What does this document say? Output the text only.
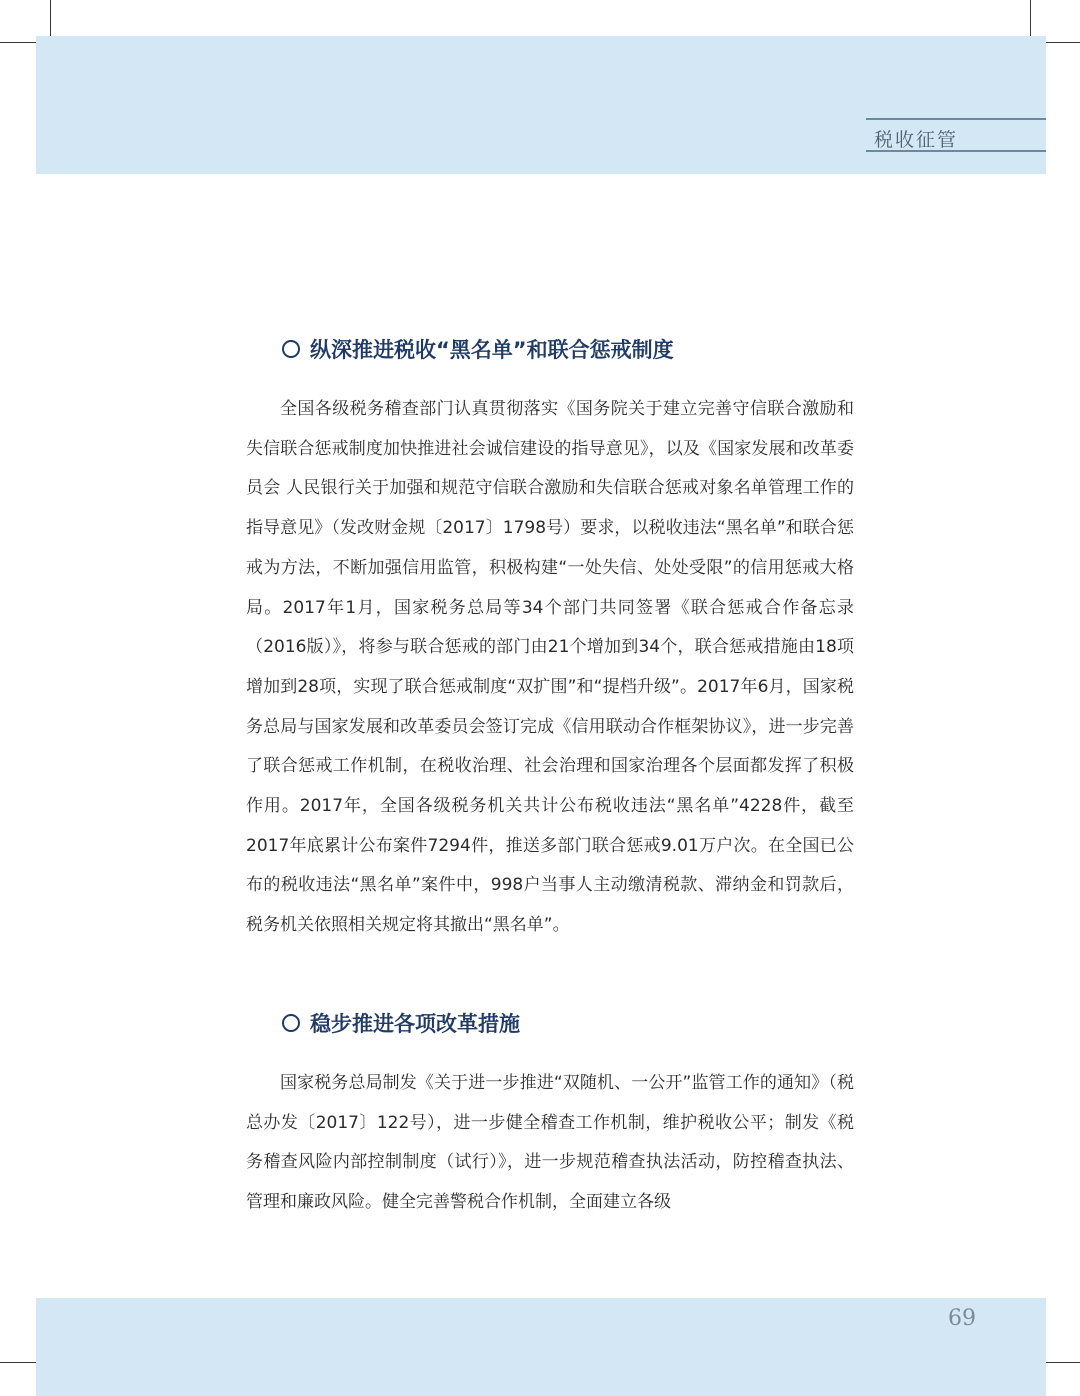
税收征管
纵深推进税收“黑名单”和联合惩戒制度

全国各级税务稽查部门认真贯彻落实《国务院关于建立完善守信联合激励和失信联合惩戒制度加快推进社会诚信建设的指导意见》，以及《国家发展和改革委员会 人民银行关于加强和规范守信联合激励和失信联合惩戒对象名单管理工作的指导意见》（发改财金规〔2017〕1798号）要求，以税收违法“黑名单”和联合惩戒为方法，不断加强信用监管，积极构建“一处失信、处处受限”的信用惩戒大格局。2017年1月，国家税务总局等34个部门共同签署《联合惩戒合作备忘录（2016版）》，将参与联合惩戒的部门由21个增加到34个，联合惩戒措施由18项增加到28项，实现了联合惩戒制度“双扩围”和“提档升级”。2017年6月，国家税务总局与国家发展和改革委员会签订完成《信用联动合作框架协议》，进一步完善了联合惩戒工作机制，在税收治理、社会治理和国家治理各个层面都发挥了积极作用。2017年，全国各级税务机关共计公布税收违法“黑名单”4228件，截至2017年底累计公布案件7294件，推送多部门联合惩戒9.01万户次。在全国已公布的税收违法“黑名单”案件中，998户当事人主动缴清税款、滞纳金和罚款后，税务机关依照相关规定将其撤出“黑名单”。

稳步推进各项改革措施

国家税务总局制发《关于进一步推进“双随机、一公开”监管工作的通知》（税总办发〔2017〕122号），进一步健全稽查工作机制，维护税收公平；制发《税务稽查风险内部控制制度（试行）》，进一步规范稽查执法活动，防控稽查执法、管理和廉政风险。健全完善警税合作机制，全面建立各级

69
